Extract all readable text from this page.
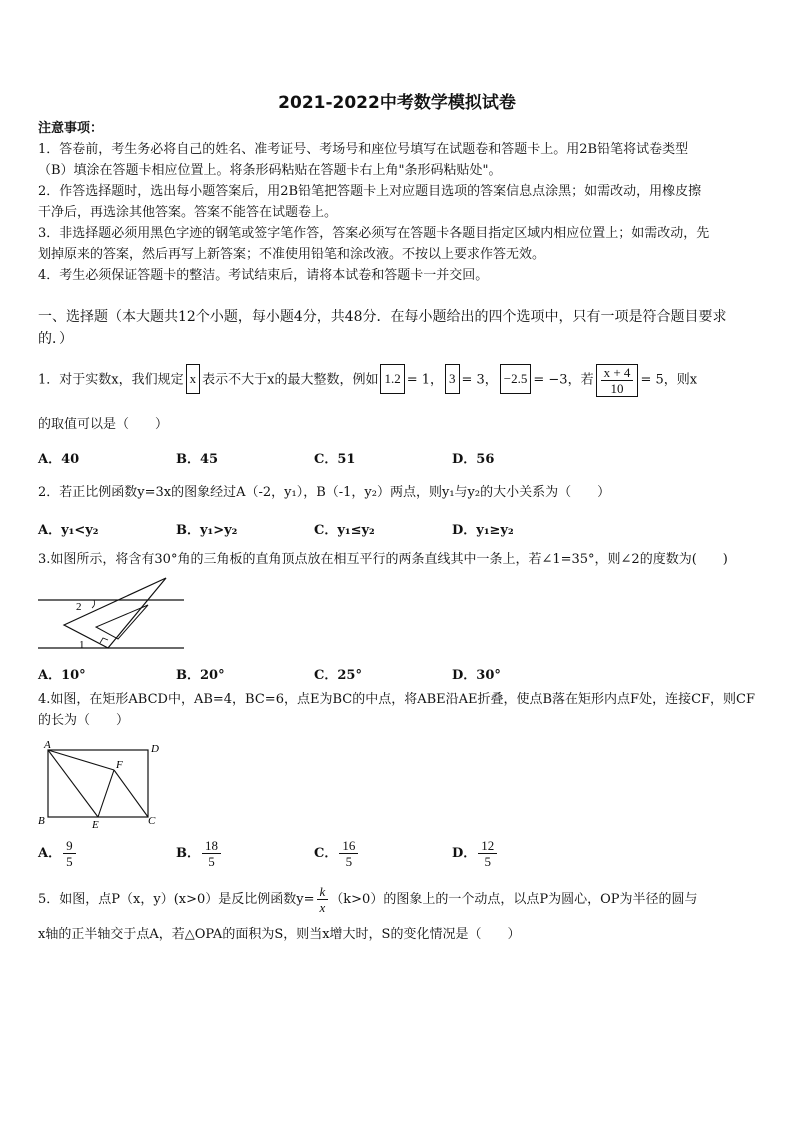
2021-2022中考数学模拟试卷
注意事项：
1．答卷前，考生务必将自己的姓名、准考证号、考场号和座位号填写在试题卷和答题卡上。用2B铅笔将试卷类型
（B）填涂在答题卡相应位置上。将条形码粘贴在答题卡右上角"条形码粘贴处"。
2．作答选择题时，选出每小题答案后，用2B铅笔把答题卡上对应题目选项的答案信息点涂黑；如需改动，用橡皮擦
干净后，再选涂其他答案。答案不能答在试题卷上。
3．非选择题必须用黑色字迹的钢笔或签字笔作答，答案必须写在答题卡各题目指定区域内相应位置上；如需改动，先
划掉原来的答案，然后再写上新答案；不准使用铅笔和涂改液。不按以上要求作答无效。
4．考生必须保证答题卡的整洁。考试结束后，请将本试卷和答题卡一并交回。
一、选择题（本大题共12个小题，每小题4分，共48分．在每小题给出的四个选项中，只有一项是符合题目要求
的．）
1．对于实数x，我们规定 x 表示不大于x的最大整数，例如 1.2 = 1， 3 = 3， −2.5 = −3，若 $\frac{x + 4}{10} = 5$，则x
的取值可以是（　　）
A．40	B．45	C．51	D．56
2．若正比例函数y=3x的图象经过A（-2，y₁），B（-1，y₂）两点，则y₁与y₂的大小关系为（　　）
A．y₁<y₂	B．y₁>y₂	C．y₁≤y₂	D．y₁≥y₂
3.如图所示，将含有30°角的三角板的直角顶点放在相互平行的两条直线其中一条上，若∠1=35°，则∠2的度数为(　　)
2
1
A．10°	B．20°	C．25°	D．30°
4.如图，在矩形ABCD中，AB=4，BC=6，点E为BC的中点，将ABE沿AE折叠，使点B落在矩形内点F处，连接CF，则CF
的长为（　　）
A	D
B	E	C
F
A． $\frac{9}{5}$	B． $\frac{18}{5}$	C． $\frac{16}{5}$	D． $\frac{12}{5}$
5．如图，点P（x，y）(x>0）是反比例函数$y= \frac{k}{x} (k>0)$的图象上的一个动点，以点P为圆心，OP为半径的圆与
x轴的正半轴交于点A，若△OPA的面积为S，则当x增大时，S的变化情况是（　　）
